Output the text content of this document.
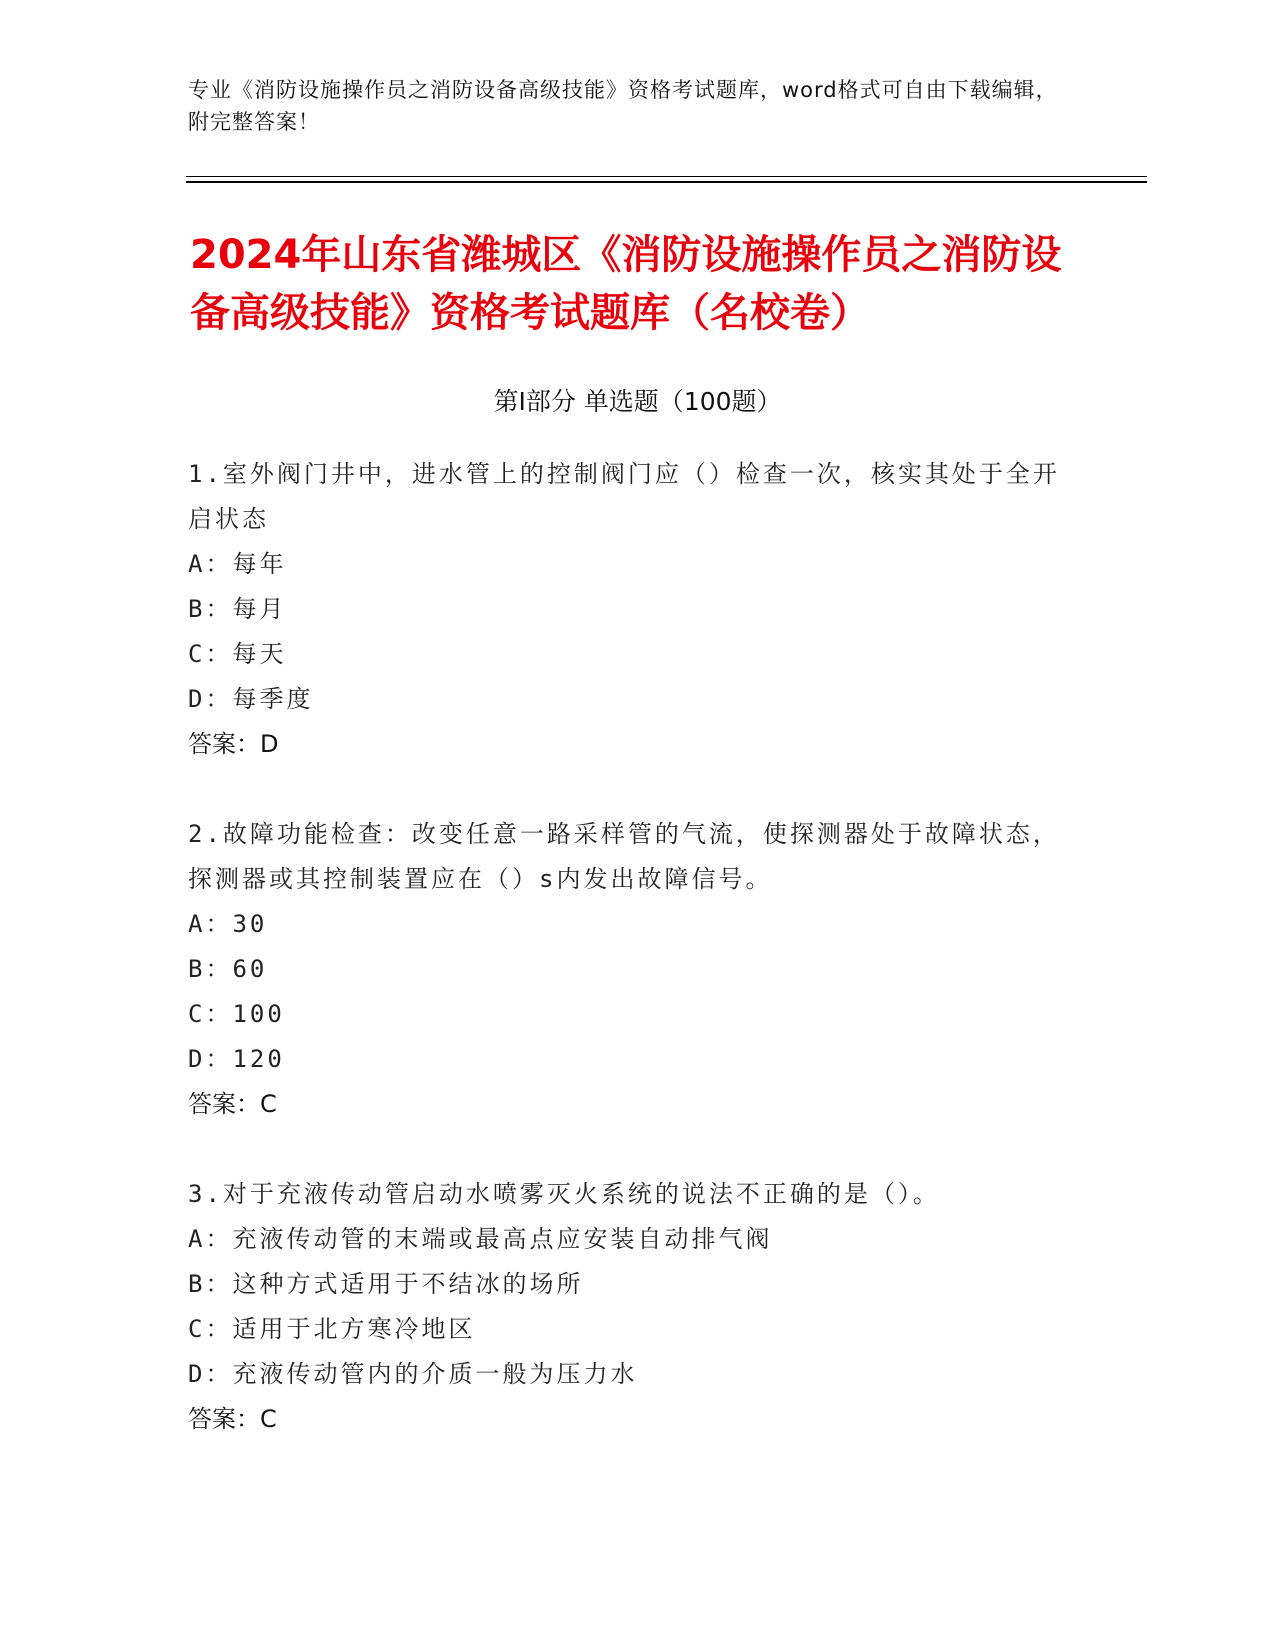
专业《消防设施操作员之消防设备高级技能》资格考试题库，word格式可自由下载编辑，附完整答案！
2024年山东省潍城区《消防设施操作员之消防设备高级技能》资格考试题库（名校卷）
第Ⅰ部分 单选题（100题）

1.室外阀门井中，进水管上的控制阀门应（）检查一次，核实其处于全开启状态

A：每年

B：每月

C：每天

D：每季度

答案：D

2.故障功能检查：改变任意一路采样管的气流，使探测器处于故障状态，探测器或其控制装置应在（）s内发出故障信号。

A：30

B：60

C：100

D：120

答案：C

3.对于充液传动管启动水喷雾灭火系统的说法不正确的是（）。

A：充液传动管的末端或最高点应安装自动排气阀

B：这种方式适用于不结冰的场所

C：适用于北方寒冷地区

D：充液传动管内的介质一般为压力水

答案：C
